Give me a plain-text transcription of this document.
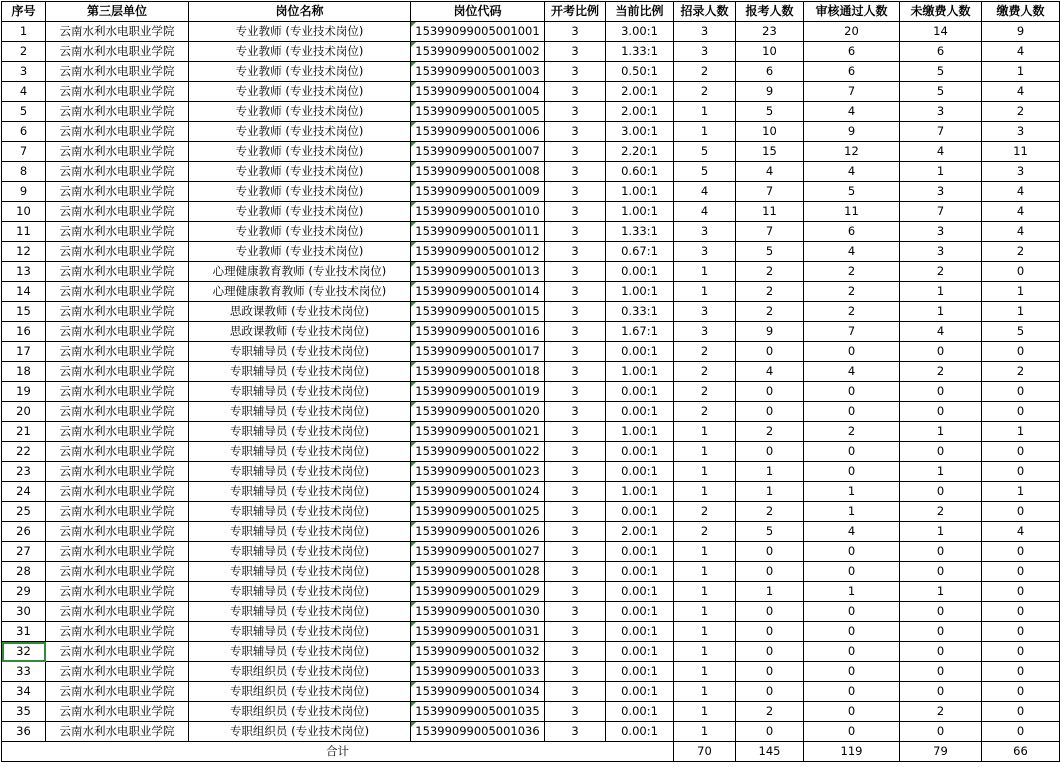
序号	第三层单位	岗位名称	岗位代码	开考比例	当前比例	招录人数	报考人数	审核通过人数	未缴费人数	缴费人数
1	云南水利水电职业学院	专业教师 (专业技术岗位)	15399099005001001	3	3.00:1	3	23	20	14	9
2	云南水利水电职业学院	专业教师 (专业技术岗位)	15399099005001002	3	1.33:1	3	10	6	6	4
3	云南水利水电职业学院	专业教师 (专业技术岗位)	15399099005001003	3	0.50:1	2	6	6	5	1
4	云南水利水电职业学院	专业教师 (专业技术岗位)	15399099005001004	3	2.00:1	2	9	7	5	4
5	云南水利水电职业学院	专业教师 (专业技术岗位)	15399099005001005	3	2.00:1	1	5	4	3	2
6	云南水利水电职业学院	专业教师 (专业技术岗位)	15399099005001006	3	3.00:1	1	10	9	7	3
7	云南水利水电职业学院	专业教师 (专业技术岗位)	15399099005001007	3	2.20:1	5	15	12	4	11
8	云南水利水电职业学院	专业教师 (专业技术岗位)	15399099005001008	3	0.60:1	5	4	4	1	3
9	云南水利水电职业学院	专业教师 (专业技术岗位)	15399099005001009	3	1.00:1	4	7	5	3	4
10	云南水利水电职业学院	专业教师 (专业技术岗位)	15399099005001010	3	1.00:1	4	11	11	7	4
11	云南水利水电职业学院	专业教师 (专业技术岗位)	15399099005001011	3	1.33:1	3	7	6	3	4
12	云南水利水电职业学院	专业教师 (专业技术岗位)	15399099005001012	3	0.67:1	3	5	4	3	2
13	云南水利水电职业学院	心理健康教育教师 (专业技术岗位)	15399099005001013	3	0.00:1	1	2	2	2	0
14	云南水利水电职业学院	心理健康教育教师 (专业技术岗位)	15399099005001014	3	1.00:1	1	2	2	1	1
15	云南水利水电职业学院	思政课教师 (专业技术岗位)	15399099005001015	3	0.33:1	3	2	2	1	1
16	云南水利水电职业学院	思政课教师 (专业技术岗位)	15399099005001016	3	1.67:1	3	9	7	4	5
17	云南水利水电职业学院	专职辅导员 (专业技术岗位)	15399099005001017	3	0.00:1	2	0	0	0	0
18	云南水利水电职业学院	专职辅导员 (专业技术岗位)	15399099005001018	3	1.00:1	2	4	4	2	2
19	云南水利水电职业学院	专职辅导员 (专业技术岗位)	15399099005001019	3	0.00:1	2	0	0	0	0
20	云南水利水电职业学院	专职辅导员 (专业技术岗位)	15399099005001020	3	0.00:1	2	0	0	0	0
21	云南水利水电职业学院	专职辅导员 (专业技术岗位)	15399099005001021	3	1.00:1	1	2	2	1	1
22	云南水利水电职业学院	专职辅导员 (专业技术岗位)	15399099005001022	3	0.00:1	1	0	0	0	0
23	云南水利水电职业学院	专职辅导员 (专业技术岗位)	15399099005001023	3	0.00:1	1	1	0	1	0
24	云南水利水电职业学院	专职辅导员 (专业技术岗位)	15399099005001024	3	1.00:1	1	1	1	0	1
25	云南水利水电职业学院	专职辅导员 (专业技术岗位)	15399099005001025	3	0.00:1	2	2	1	2	0
26	云南水利水电职业学院	专职辅导员 (专业技术岗位)	15399099005001026	3	2.00:1	2	5	4	1	4
27	云南水利水电职业学院	专职辅导员 (专业技术岗位)	15399099005001027	3	0.00:1	1	0	0	0	0
28	云南水利水电职业学院	专职辅导员 (专业技术岗位)	15399099005001028	3	0.00:1	1	0	0	0	0
29	云南水利水电职业学院	专职辅导员 (专业技术岗位)	15399099005001029	3	0.00:1	1	1	1	1	0
30	云南水利水电职业学院	专职辅导员 (专业技术岗位)	15399099005001030	3	0.00:1	1	0	0	0	0
31	云南水利水电职业学院	专职辅导员 (专业技术岗位)	15399099005001031	3	0.00:1	1	0	0	0	0
32	云南水利水电职业学院	专职辅导员 (专业技术岗位)	15399099005001032	3	0.00:1	1	0	0	0	0
33	云南水利水电职业学院	专职组织员 (专业技术岗位)	15399099005001033	3	0.00:1	1	0	0	0	0
34	云南水利水电职业学院	专职组织员 (专业技术岗位)	15399099005001034	3	0.00:1	1	0	0	0	0
35	云南水利水电职业学院	专职组织员 (专业技术岗位)	15399099005001035	3	0.00:1	1	2	0	2	0
36	云南水利水电职业学院	专职组织员 (专业技术岗位)	15399099005001036	3	0.00:1	1	0	0	0	0
合计						70	145	119	79	66
